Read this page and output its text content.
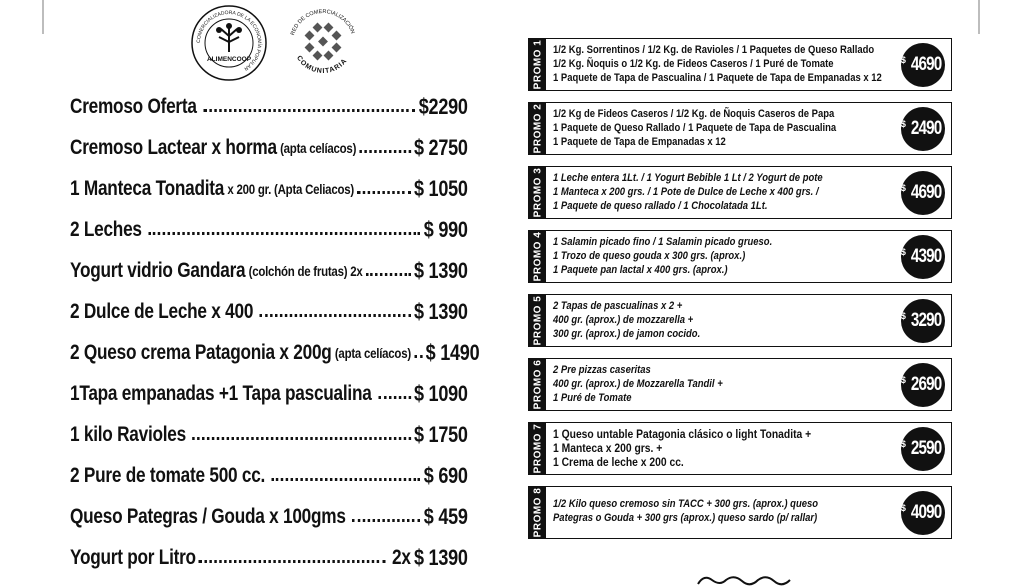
COMERCIALIZADORA DE LA ECONOMÍA POPULAR
ALIMENCOOP
RED DE COMERCIALIZACIÓN
COMUNITARIA
Cremoso Oferta	$2290
Cremoso Lactear x horma (apta celíacos)	$ 2750
1 Manteca Tonadita x 200 gr. (Apta Celiacos)	$ 1050
2 Leches	$ 990
Yogurt vidrio Gandara (colchón de frutas) 2x $ 1390
2 Dulce de Leche x 400	$ 1390
2 Queso crema Patagonia x 200g (apta celíacos) $ 1490
1Tapa empanadas +1 Tapa pascualina $ 1090
1 kilo Ravioles	$ 1750
2 Pure de tomate 500 cc.	$ 690
Queso Pategras / Gouda x 100gms	$ 459
Yogurt por Litro	2x $ 1390
PROMO 1 1/2 Kg. Sorrentinos / 1/2 Kg. de Ravioles / 1 Paquetes de Queso Rallado
1/2 Kg. Ñoquis o 1/2 Kg. de Fideos Caseros / 1 Puré de Tomate
1 Paquete de Tapa de Pascualina / 1 Paquete de Tapa de Empanadas x 12
$ 4690
PROMO 2 1/2 Kg de Fideos Caseros / 1/2 Kg. de Ñoquis Caseros de Papa
1 Paquete de Queso Rallado / 1 Paquete de Tapa de Pascualina
1 Paquete de Tapa de Empanadas x 12
$ 2490
PROMO 3 1 Leche entera 1Lt. / 1 Yogurt Bebible 1 Lt / 2 Yogurt de pote
1 Manteca x 200 grs. / 1 Pote de Dulce de Leche x 400 grs. /
1 Paquete de queso rallado / 1 Chocolatada 1Lt.
$ 4690
PROMO 4 1 Salamin picado fino / 1 Salamin picado grueso.
1 Trozo de queso gouda x 300 grs. (aprox.)
1 Paquete pan lactal x 400 grs. (aprox.)
$ 4390
PROMO 5 2 Tapas de pascualinas x 2 +
400 gr. (aprox.) de mozzarella +
300 gr. (aprox.) de jamon cocido.
$ 3290
PROMO 6 2 Pre pizzas caseritas
400 gr. (aprox.) de Mozzarella Tandil +
1 Puré de Tomate
$ 2690
PROMO 7 1 Queso untable Patagonia clásico o light Tonadita +
1 Manteca x 200 grs. +
1 Crema de leche x 200 cc.
$ 2590
PROMO 8 1/2 Kilo queso cremoso sin TACC + 300 grs. (aprox.) queso
Pategras o Gouda + 300 grs (aprox.) queso sardo (p/ rallar)
$ 4090
